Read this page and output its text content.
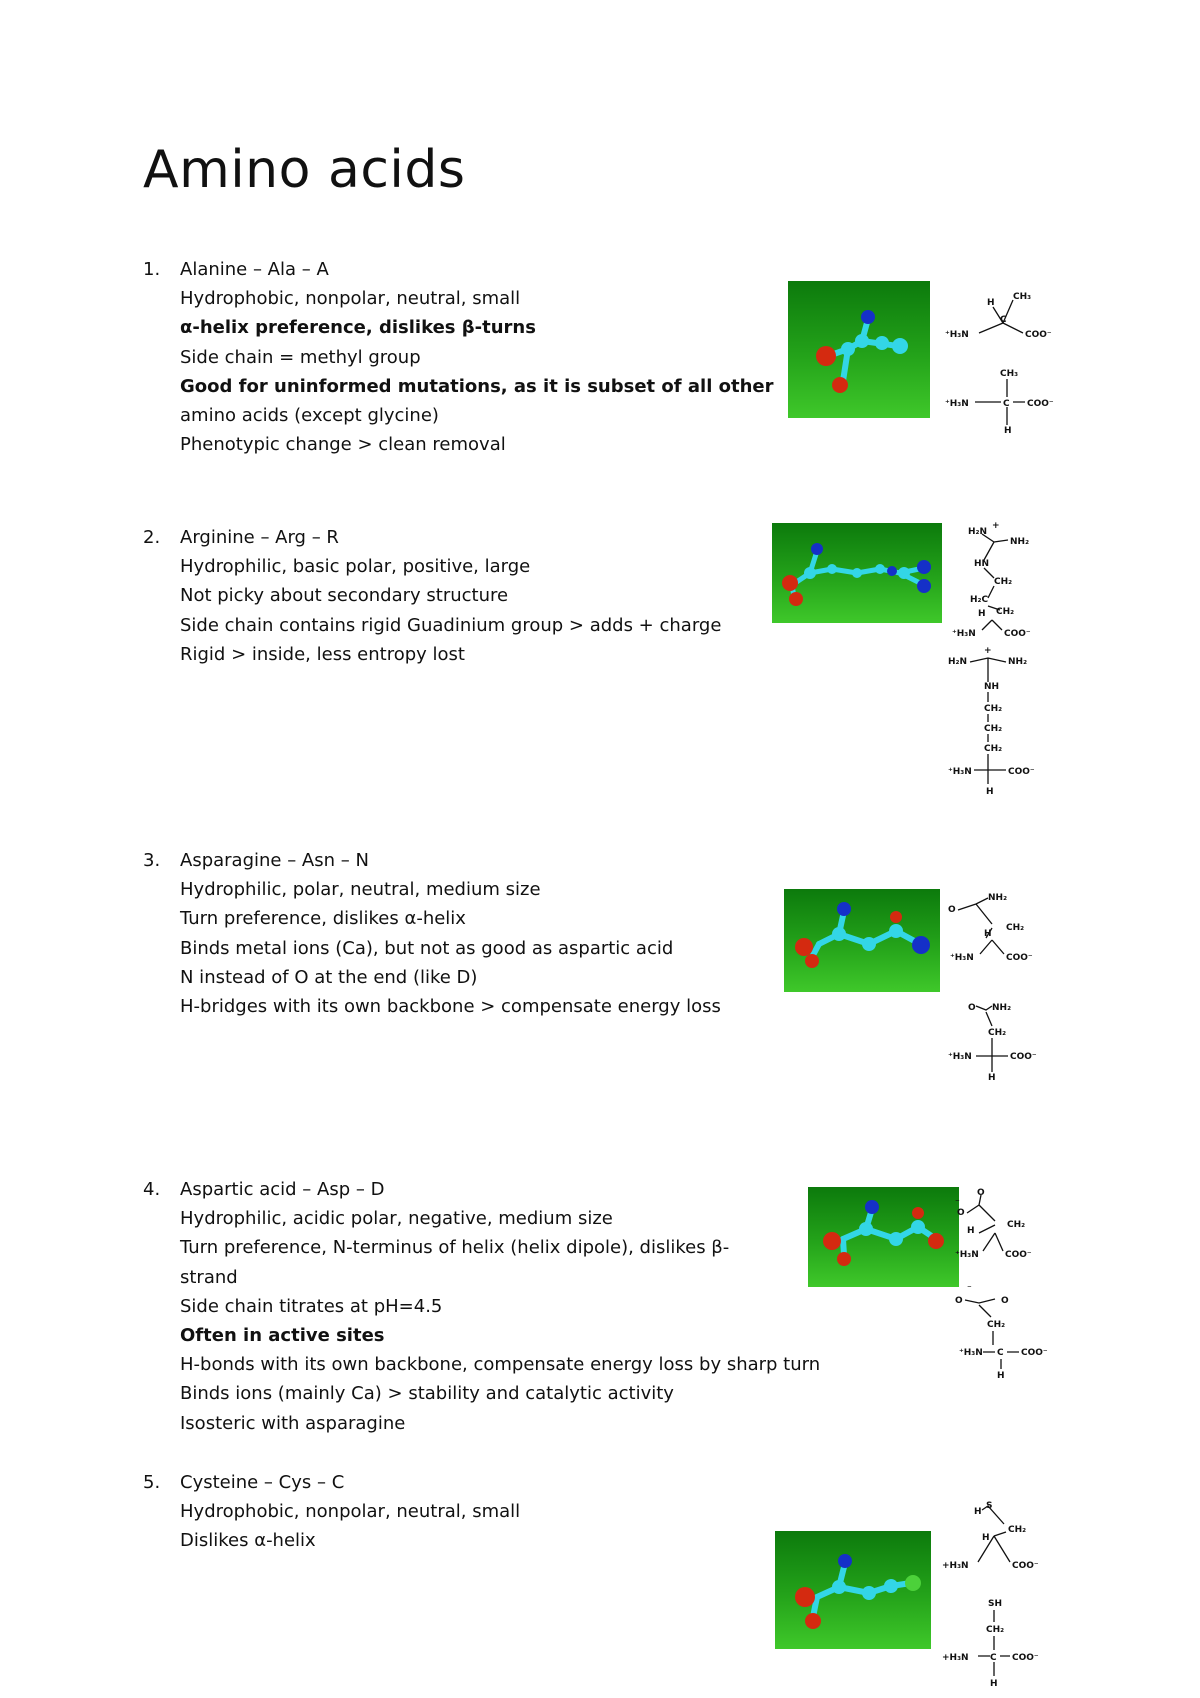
Amino acids
1. Alanine – Ala – A
Hydrophobic, nonpolar, neutral, small
α-helix preference, dislikes β-turns
Side chain = methyl group
Good for uninformed mutations, as it is subset of all other
amino acids (except glycine)
Phenotypic change > clean removal
H
CH₃
⁺H₃N
C
COO⁻
CH₃
⁺H₃N	C COO⁻
H
2. Arginine – Arg – R
Hydrophilic, basic polar, positive, large
Not picky about secondary structure
Side chain contains rigid Guadinium group > adds + charge
Rigid > inside, less entropy lost
H₂N
NH₂
+
HN
CH₂
H₂C
CH₂
H
⁺H₃N	COO⁻
H₂N	NH₂
+
NH
CH₂
CH₂
CH₂
⁺H₃N	COO⁻
H
3. Asparagine – Asn – N
Hydrophilic, polar, neutral, medium size
Turn preference, dislikes α-helix
Binds metal ions (Ca), but not as good as aspartic acid
N instead of O at the end (like D)
H-bridges with its own backbone > compensate energy loss
NH₂
O
CH₂
H
⁺H₃N	COO⁻
O NH₂
CH₂
⁺H₃N	COO⁻
H
4. Aspartic acid – Asp – D
Hydrophilic, acidic polar, negative, medium size
Turn preference, N-terminus of helix (helix dipole), dislikes β-
strand
Side chain titrates at pH=4.5
Often in active sites
H-bonds with its own backbone, compensate energy loss by sharp turn
Binds ions (mainly Ca) > stability and catalytic activity
Isosteric with asparagine
O
⁻
O
CH₂
H
⁺H₃N	COO⁻
⁻
O	O
CH₂
⁺H₃N C COO⁻
H
5. Cysteine – Cys – C
Hydrophobic, nonpolar, neutral, small
Dislikes α-helix
H
S
CH₂
H
+H₃N	COO⁻
SH
CH₂
+H₃N C COO⁻
H
